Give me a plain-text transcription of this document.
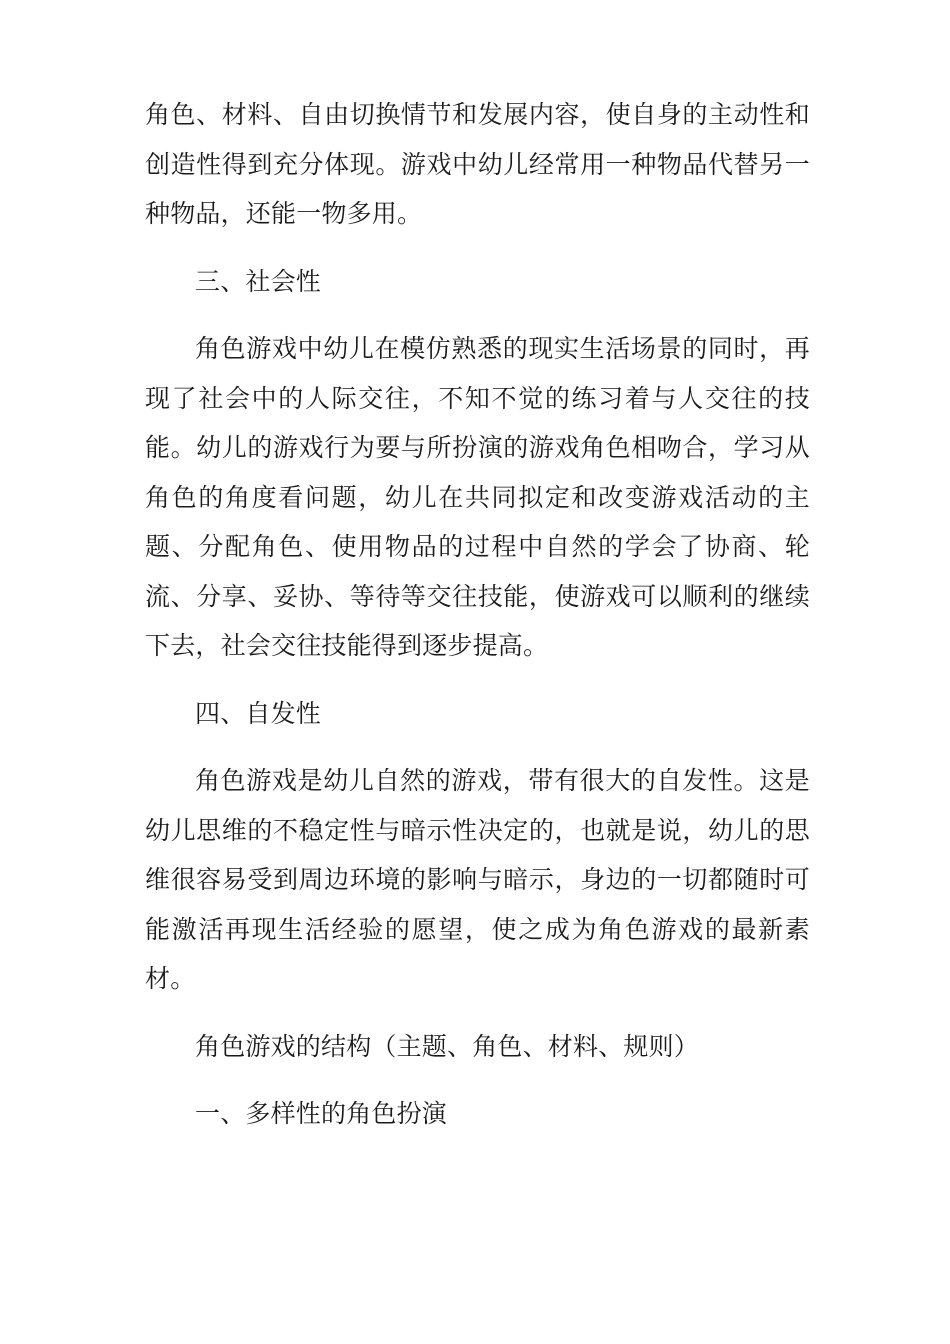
角色、材料、自由切换情节和发展内容，使自身的主动性和创造性得到充分体现。游戏中幼儿经常用一种物品代替另一种物品，还能一物多用。

三、社会性

角色游戏中幼儿在模仿熟悉的现实生活场景的同时，再现了社会中的人际交往，不知不觉的练习着与人交往的技能。幼儿的游戏行为要与所扮演的游戏角色相吻合，学习从角色的角度看问题，幼儿在共同拟定和改变游戏活动的主题、分配角色、使用物品的过程中自然的学会了协商、轮流、分享、妥协、等待等交往技能，使游戏可以顺利的继续下去，社会交往技能得到逐步提高。

四、自发性

角色游戏是幼儿自然的游戏，带有很大的自发性。这是幼儿思维的不稳定性与暗示性决定的，也就是说，幼儿的思维很容易受到周边环境的影响与暗示，身边的一切都随时可能激活再现生活经验的愿望，使之成为角色游戏的最新素材。

角色游戏的结构（主题、角色、材料、规则）

一、多样性的角色扮演
